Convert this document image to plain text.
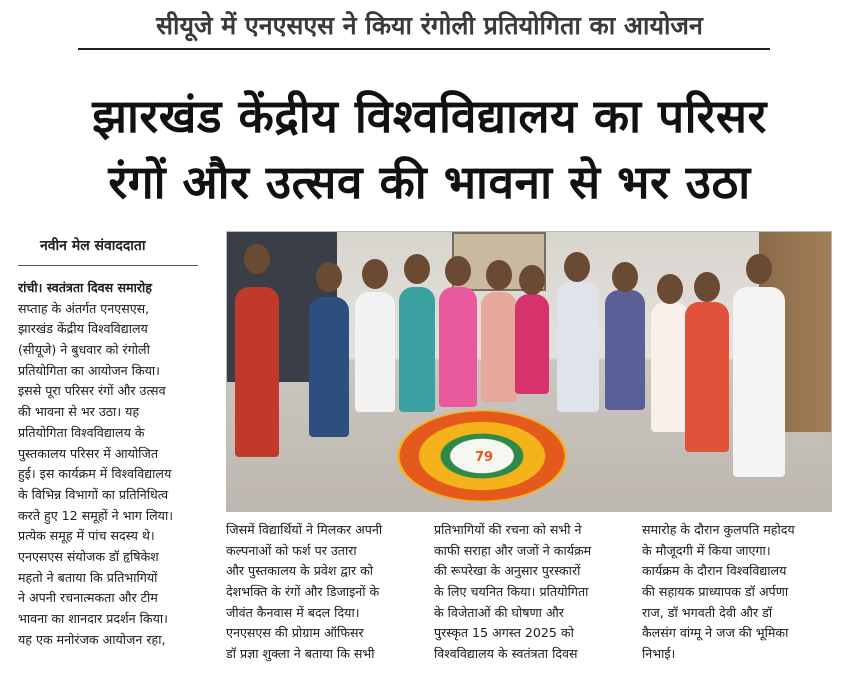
सीयूजे में एनएसएस ने किया रंगोली प्रतियोगिता का आयोजन
झारखंड केंद्रीय विश्वविद्यालय का परिसर
रंगों और उत्सव की भावना से भर उठा
नवीन मेल संवाददाता
79
रांची। स्वतंत्रता दिवस समारोह
सप्ताह के अंतर्गत एनएसएस,
झारखंड केंद्रीय विश्वविद्यालय
(सीयूजे) ने बुधवार को रंगोली
प्रतियोगिता का आयोजन किया।
इससे पूरा परिसर रंगों और उत्सव
की भावना से भर उठा। यह
प्रतियोगिता विश्वविद्यालय के
पुस्तकालय परिसर में आयोजित
हुई। इस कार्यक्रम में विश्वविद्यालय
के विभिन्न विभागों का प्रतिनिधित्व
करते हुए 12 समूहों ने भाग लिया।
प्रत्येक समूह में पांच सदस्य थे।
एनएसएस संयोजक डॉ हृषिकेश
महतो ने बताया कि प्रतिभागियों
ने अपनी रचनात्मकता और टीम
भावना का शानदार प्रदर्शन किया।
यह एक मनोरंजक आयोजन रहा,
जिसमें विद्यार्थियों ने मिलकर अपनी
कल्पनाओं को फर्श पर उतारा
और पुस्तकालय के प्रवेश द्वार को
देशभक्ति के रंगों और डिजाइनों के
जीवंत कैनवास में बदल दिया।
एनएसएस की प्रोग्राम ऑफिसर
डॉ प्रज्ञा शुक्ला ने बताया कि सभी
प्रतिभागियों की रचना को सभी ने
काफी सराहा और जजों ने कार्यक्रम
की रूपरेखा के अनुसार पुरस्कारों
के लिए चयनित किया। प्रतियोगिता
के विजेताओं की घोषणा और
पुरस्कृत 15 अगस्त 2025 को
विश्वविद्यालय के स्वतंत्रता दिवस
समारोह के दौरान कुलपति महोदय
के मौजूदगी में किया जाएगा।
कार्यक्रम के दौरान विश्वविद्यालय
की सहायक प्राध्यापक डॉ अर्पणा
राज, डॉ भगवती देवी और डॉ
कैलसंग वांग्मू ने जज की भूमिका
निभाई।
